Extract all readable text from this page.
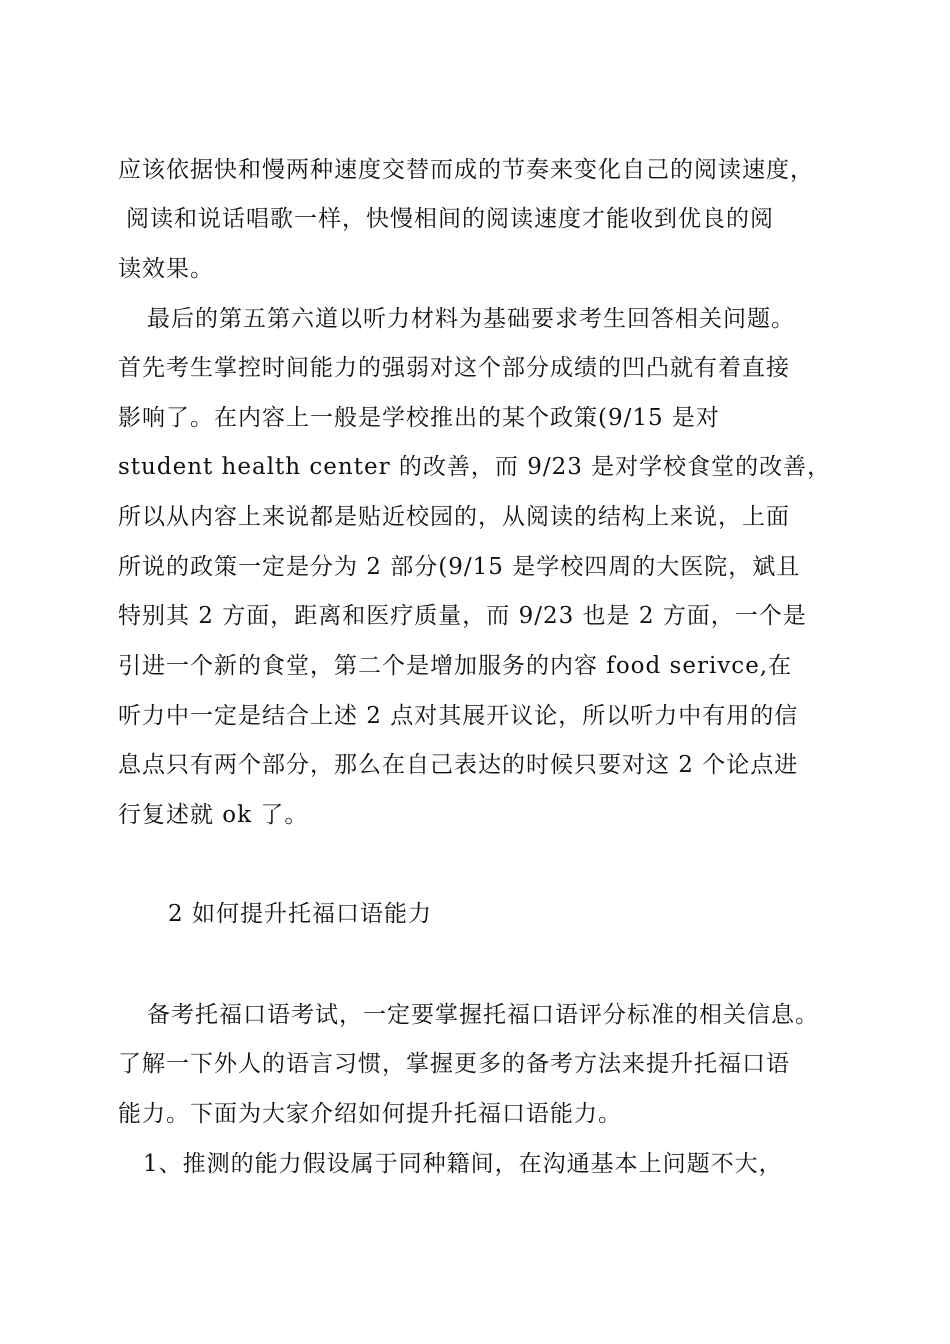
应该依据快和慢两种速度交替而成的节奏来变化自己的阅读速度，
阅读和说话唱歌一样，快慢相间的阅读速度才能收到优良的阅
读效果。
最后的第五第六道以听力材料为基础要求考生回答相关问题。
首先考生掌控时间能力的强弱对这个部分成绩的凹凸就有着直接
影响了。在内容上一般是学校推出的某个政策(9/15 是对
student health center 的改善，而 9/23 是对学校食堂的改善，
所以从内容上来说都是贴近校园的，从阅读的结构上来说，上面
所说的政策一定是分为 2 部分(9/15 是学校四周的大医院，斌且
特别其 2 方面，距离和医疗质量，而 9/23 也是 2 方面，一个是
引进一个新的食堂，第二个是增加服务的内容 food serivce,在
听力中一定是结合上述 2 点对其展开议论，所以听力中有用的信
息点只有两个部分，那么在自己表达的时候只要对这 2 个论点进
行复述就 ok 了。
2 如何提升托福口语能力
备考托福口语考试，一定要掌握托福口语评分标准的相关信息。
了解一下外人的语言习惯，掌握更多的备考方法来提升托福口语
能力。下面为大家介绍如何提升托福口语能力。
1、推测的能力假设属于同种籍间，在沟通基本上问题不大，
